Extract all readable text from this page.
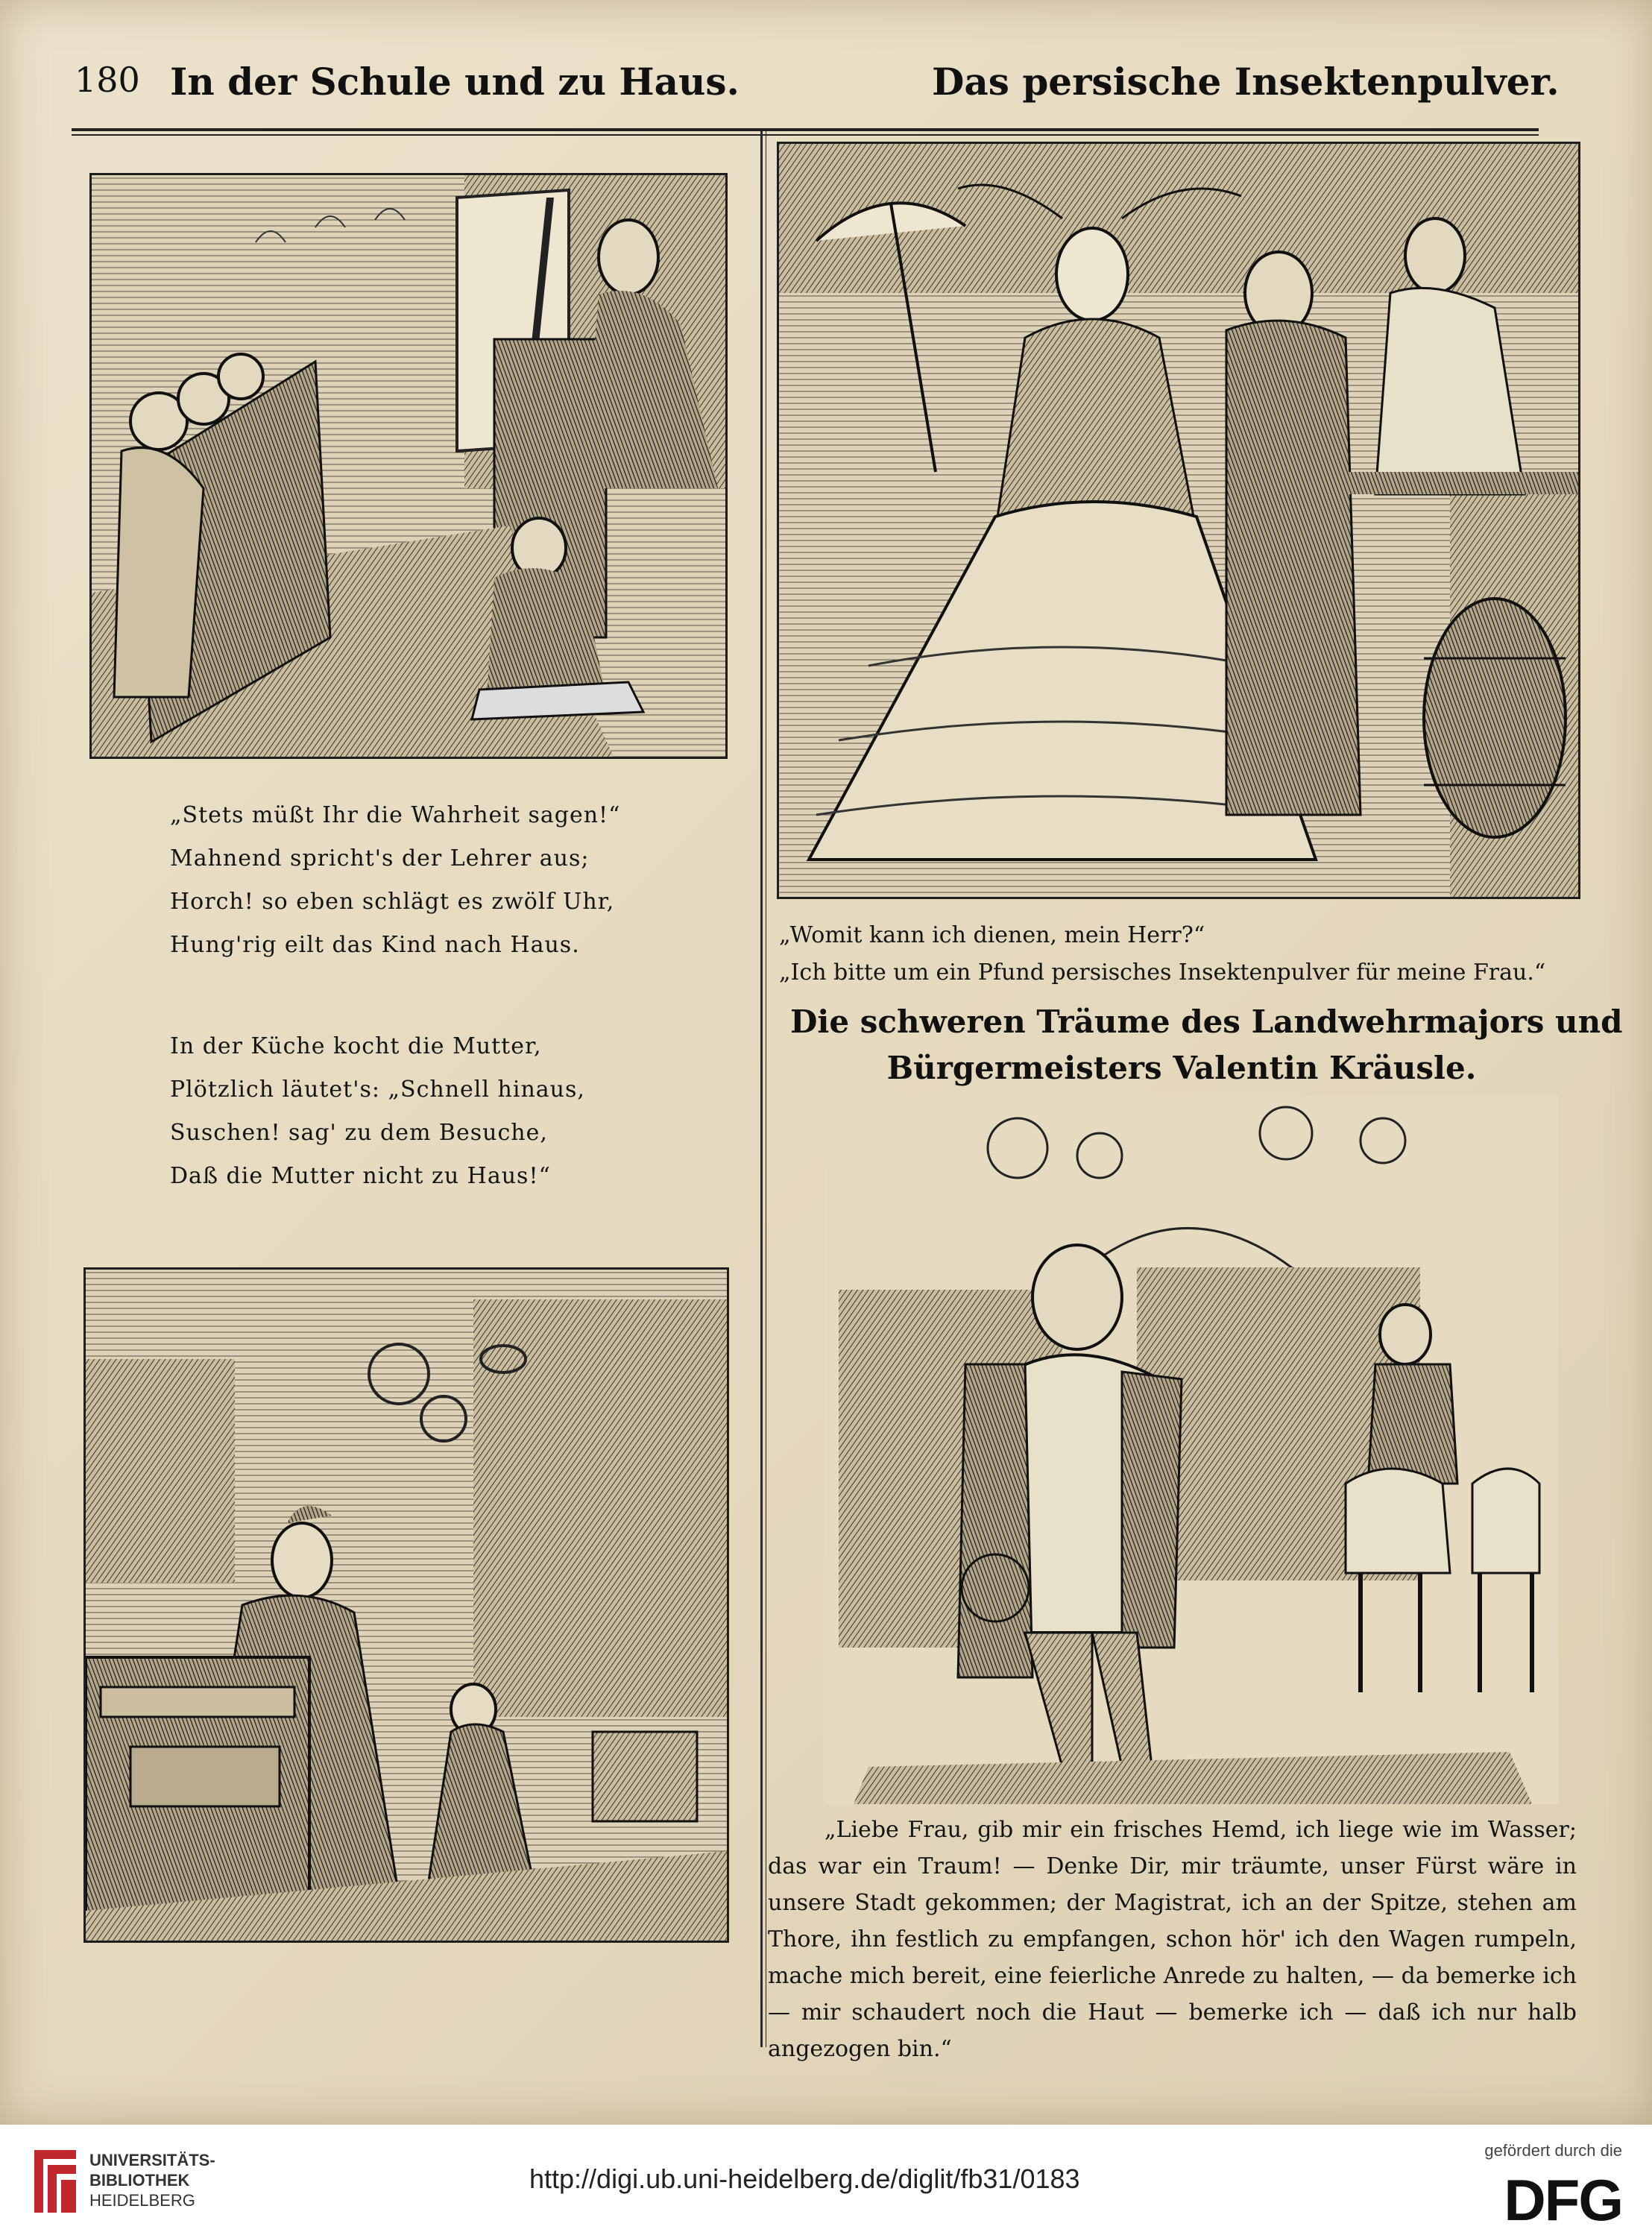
180 In der Schule und zu Haus.	Das persische Insektenpulver.
„Stets müßt Ihr die Wahrheit sagen!“
Mahnend spricht's der Lehrer aus;
Horch! so eben schlägt es zwölf Uhr,
Hung'rig eilt das Kind nach Haus.
In der Küche kocht die Mutter,
Plötzlich läutet's: „Schnell hinaus,
Suschen! sag' zu dem Besuche,
Daß die Mutter nicht zu Haus!“
„Womit kann ich dienen, mein Herr?“
„Ich bitte um ein Pfund persisches Insektenpulver für meine Frau.“
Die schweren Träume des Landwehrmajors und
Bürgermeisters Valentin Kräusle.

„Liebe Frau, gib mir ein frisches Hemd, ich liege wie im Wasser; das war ein Traum! — Denke Dir, mir träumte, unser Fürst wäre in unsere Stadt gekommen; der Magistrat, ich an der Spitze, stehen am Thore, ihn festlich zu empfangen, schon hör' ich den Wagen rumpeln, mache mich bereit, eine feierliche Anrede zu halten, — da bemerke ich — mir schaudert noch die Haut — bemerke ich — daß ich nur halb angezogen bin.“

UNIVERSITÄTS-
BIBLIOTHEK
HEIDELBERG
http://digi.ub.uni-heidelberg.de/diglit/fb31/0183
gefördert durch die
DFG
